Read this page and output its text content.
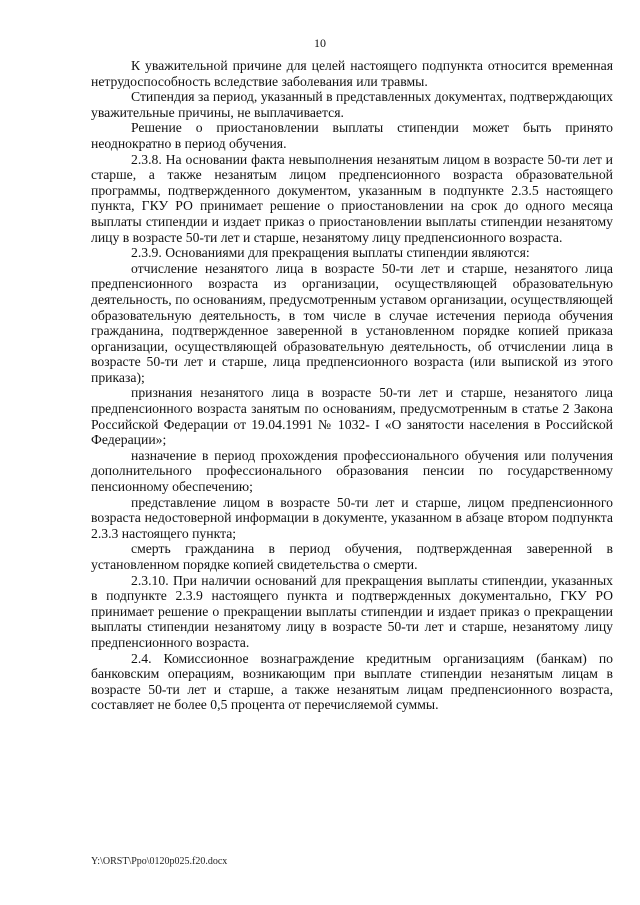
10

К уважительной причине для целей настоящего подпункта относится временная нетрудоспособность вследствие заболевания или травмы.

Стипендия за период, указанный в представленных документах, подтверждающих уважительные причины, не выплачивается.

Решение о приостановлении выплаты стипендии может быть принято неоднократно в период обучения.

2.3.8. На основании факта невыполнения незанятым лицом в возрасте 50-ти лет и старше, а также незанятым лицом предпенсионного возраста образовательной программы, подтвержденного документом, указанным в подпункте 2.3.5 настоящего пункта, ГКУ РО принимает решение о приостановлении на срок до одного месяца выплаты стипендии и издает приказ о приостановлении выплаты стипендии незанятому лицу в возрасте 50-ти лет и старше, незанятому лицу предпенсионного возраста.

2.3.9. Основаниями для прекращения выплаты стипендии являются:

отчисление незанятого лица в возрасте 50-ти лет и старше, незанятого лица предпенсионного возраста из организации, осуществляющей образовательную деятельность, по основаниям, предусмотренным уставом организации, осуществляющей образовательную деятельность, в том числе в случае истечения периода обучения гражданина, подтвержденное заверенной в установленном порядке копией приказа организации, осуществляющей образовательную деятельность, об отчислении лица в возрасте 50-ти лет и старше, лица предпенсионного возраста (или выпиской из этого приказа);

признания незанятого лица в возрасте 50-ти лет и старше, незанятого лица предпенсионного возраста занятым по основаниям, предусмотренным в статье 2 Закона Российской Федерации от 19.04.1991 № 1032- I «О занятости населения в Российской Федерации»;

назначение в период прохождения профессионального обучения или получения дополнительного профессионального образования пенсии по государственному пенсионному обеспечению;

представление лицом в возрасте 50-ти лет и старше, лицом предпенсионного возраста недостоверной информации в документе, указанном в абзаце втором подпункта 2.3.3 настоящего пункта;

смерть гражданина в период обучения, подтвержденная заверенной в установленном порядке копией свидетельства о смерти.

2.3.10. При наличии оснований для прекращения выплаты стипендии, указанных в подпункте 2.3.9 настоящего пункта и подтвержденных документально, ГКУ РО принимает решение о прекращении выплаты стипендии и издает приказ о прекращении выплаты стипендии незанятому лицу в возрасте 50-ти лет и старше, незанятому лицу предпенсионного возраста.

2.4. Комиссионное вознаграждение кредитным организациям (банкам) по банковским операциям, возникающим при выплате стипендии незанятым лицам в возрасте 50-ти лет и старше, а также незанятым лицам предпенсионного возраста, составляет не более 0,5 процента от перечисляемой суммы.

Y:\ORST\Ppo\0120p025.f20.docx
